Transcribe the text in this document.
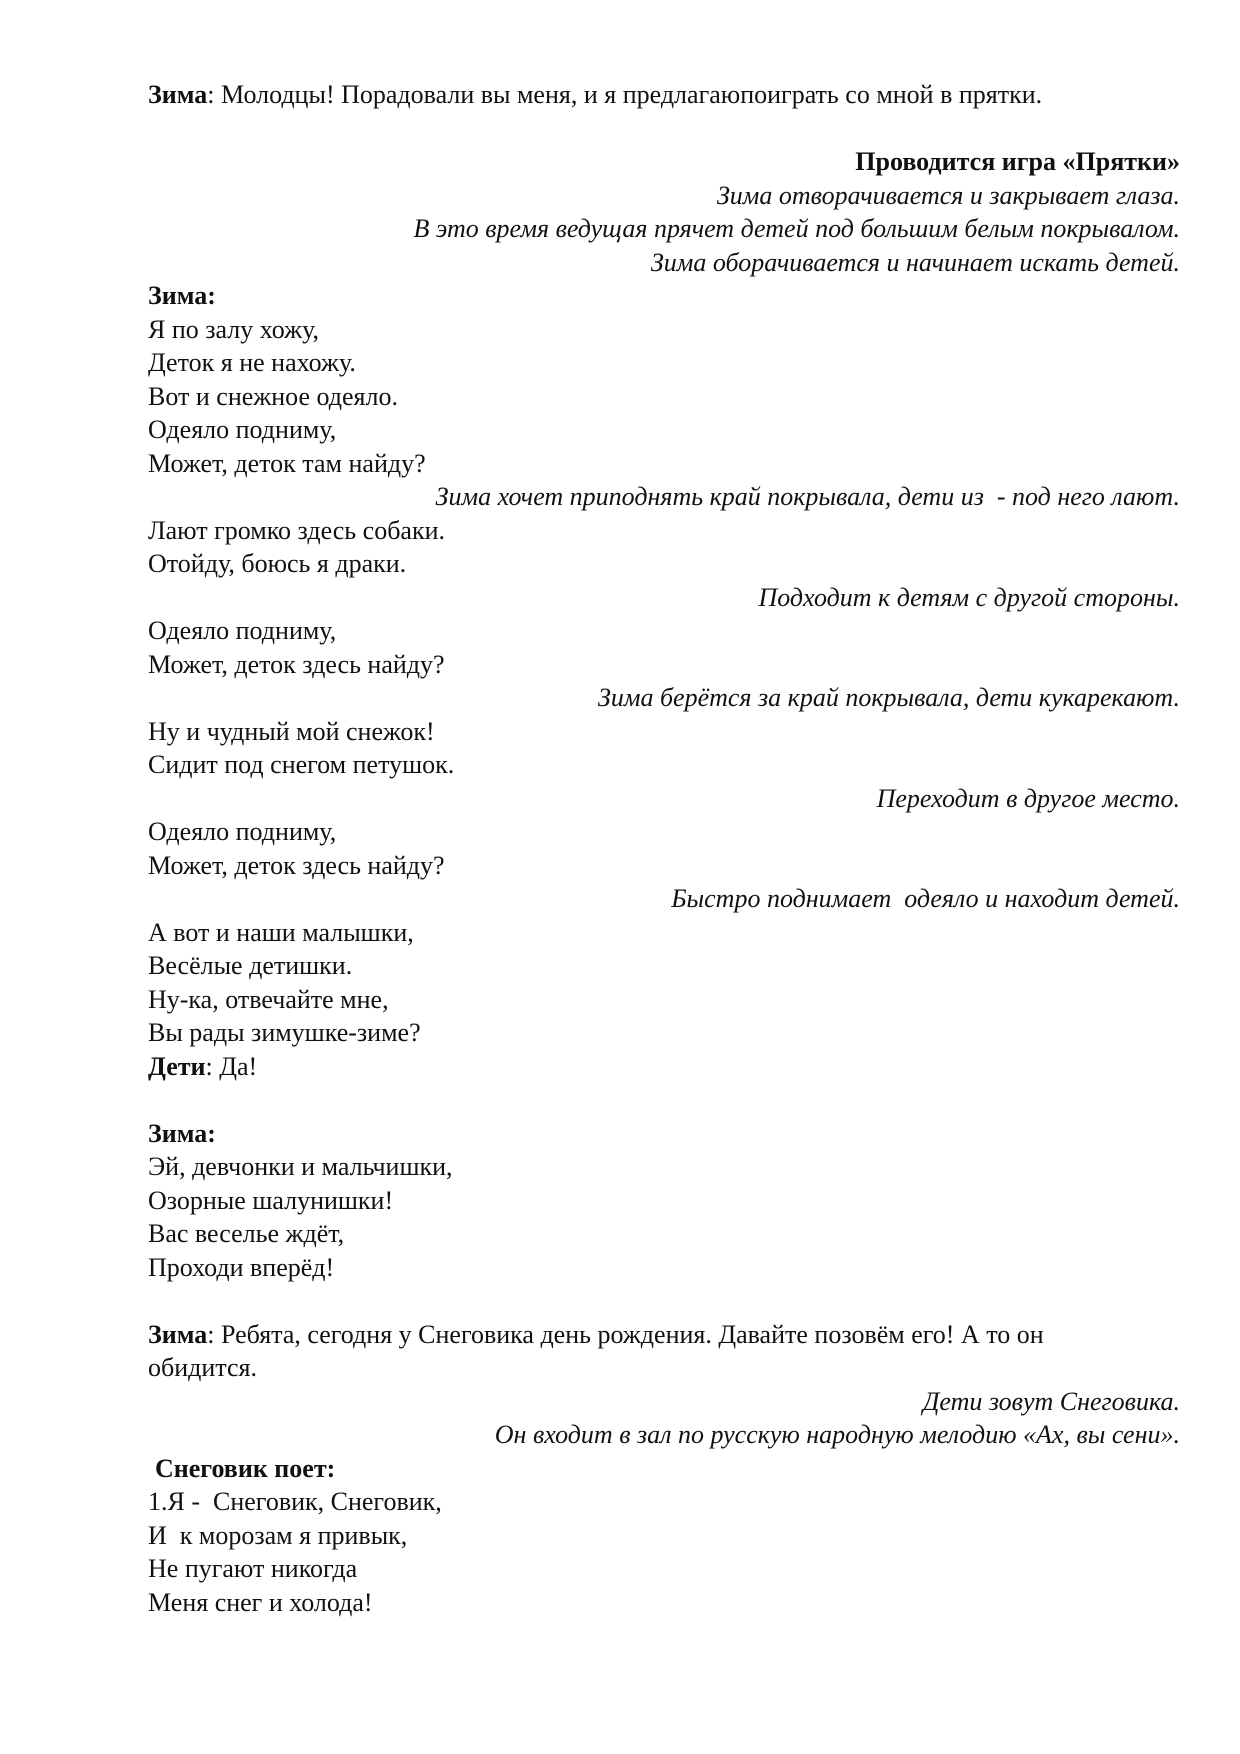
Зима: Молодцы! Порадовали вы меня, и я предлагаюпоиграть со мной в прятки.

Проводится игра «Прятки»

Зима отворачивается и закрывает глаза.

В это время ведущая прячет детей под большим белым покрывалом.

Зима оборачивается и начинает искать детей.

Зима:

Я по залу хожу,

Деток я не нахожу.

Вот и снежное одеяло.

Одеяло подниму,

Может, деток там найду?

Зима хочет приподнять край покрывала, дети из  - под него лают.

Лают громко здесь собаки.

Отойду, боюсь я драки.

Подходит к детям с другой стороны.

Одеяло подниму,

Может, деток здесь найду?

Зима берётся за край покрывала, дети кукарекают.

Ну и чудный мой снежок!

Сидит под снегом петушок.

Переходит в другое место.

Одеяло подниму,

Может, деток здесь найду?

Быстро поднимает  одеяло и находит детей.

А вот и наши малышки,

Весёлые детишки.

Ну-ка, отвечайте мне,

Вы рады зимушке-зиме?

Дети: Да!

Зима:

Эй, девчонки и мальчишки,

Озорные шалунишки!

Вас веселье ждёт,

Проходи вперёд!

Зима: Ребята, сегодня у Снеговика день рождения. Давайте позовём его! А то он

обидится.

Дети зовут Снеговика.

Он входит в зал по русскую народную мелодию «Ах, вы сени».

Снеговик поет:

1.Я -  Снеговик, Снеговик,

И  к морозам я привык,

Не пугают никогда

Меня снег и холода!
